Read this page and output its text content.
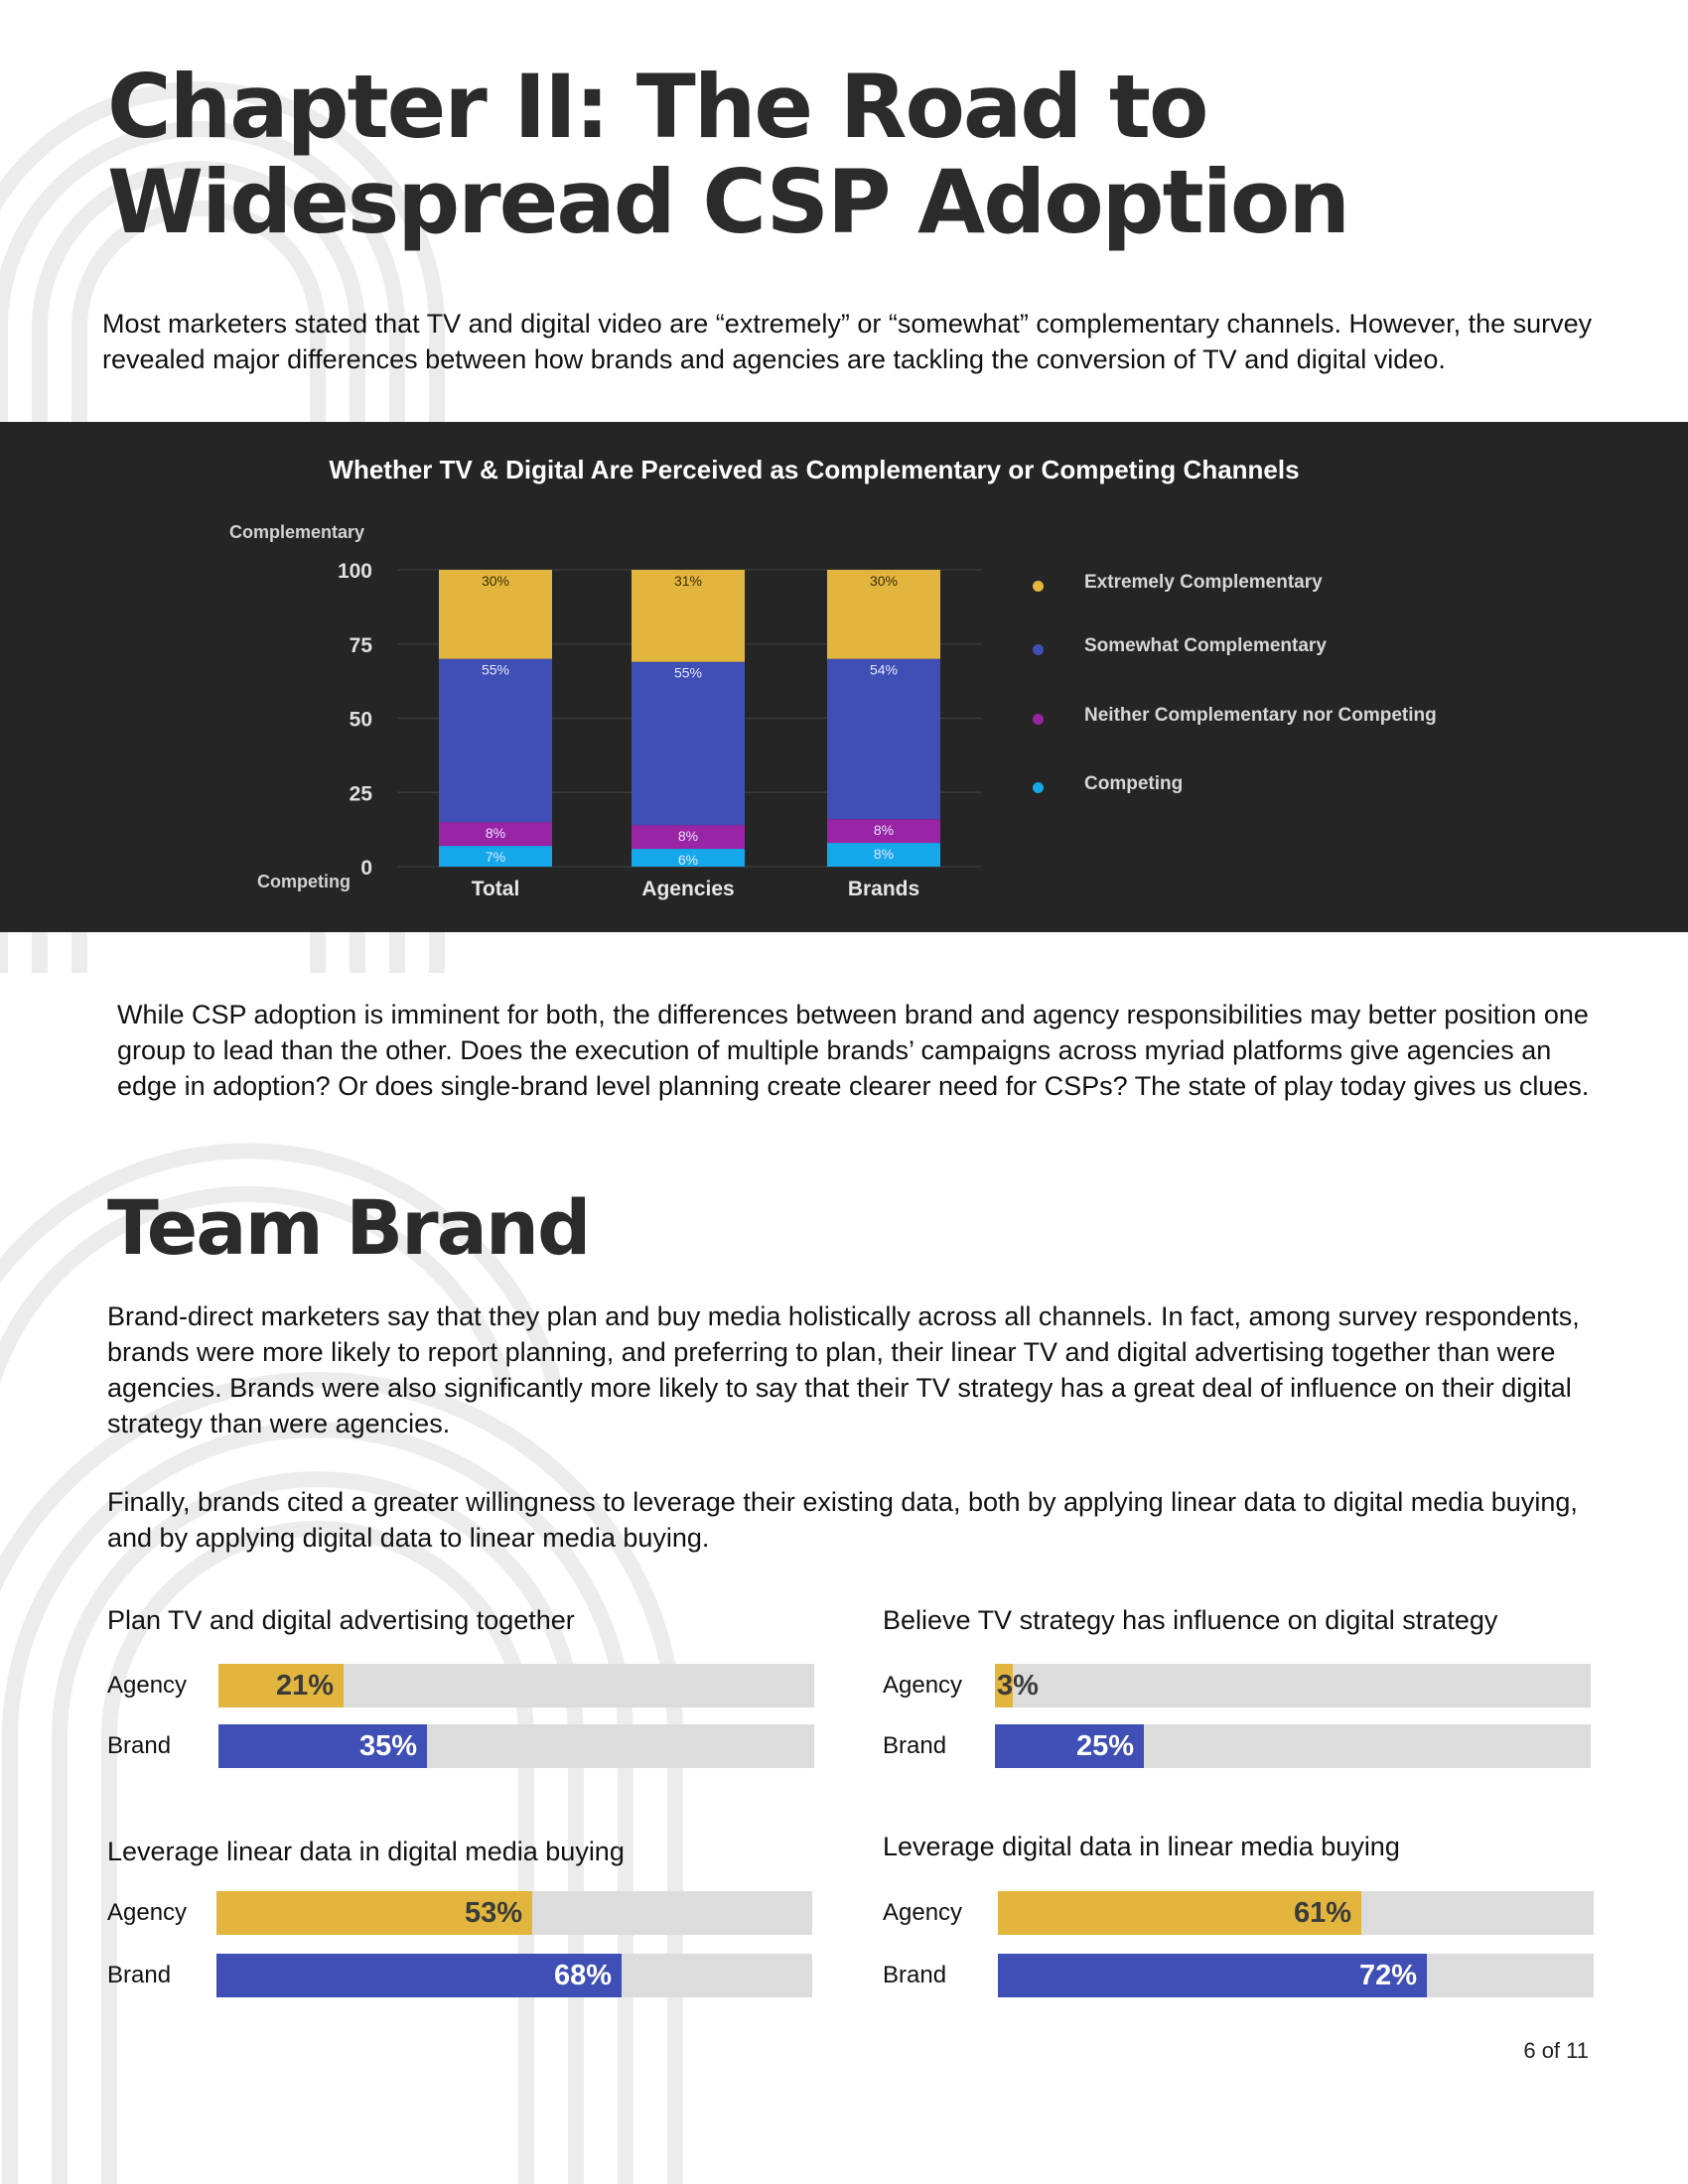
Chapter II: The Road to Widespread CSP Adoption

Most marketers stated that TV and digital video are “extremely” or “somewhat” complementary channels. However, the survey revealed major differences between how brands and agencies are tackling the conversion of TV and digital video.

Whether TV & Digital Are Perceived as Complementary or Competing Channels
Complementary
Competing
0
25
50
75
100
7%
8%
55%
30%
Total
6%
8%
55%
31%
Agencies
8%
8%
54%
30%
Brands
Extremely Complementary
Somewhat Complementary
Neither Complementary nor Competing
Competing

While CSP adoption is imminent for both, the differences between brand and agency responsibilities may better position one group to lead than the other. Does the execution of multiple brands’ campaigns across myriad platforms give agencies an edge in adoption? Or does single-brand level planning create clearer need for CSPs? The state of play today gives us clues.

Team Brand

Brand-direct marketers say that they plan and buy media holistically across all channels. In fact, among survey respondents, brands were more likely to report planning, and preferring to plan, their linear TV and digital advertising together than were agencies. Brands were also significantly more likely to say that their TV strategy has a great deal of influence on their digital strategy than were agencies.

Finally, brands cited a greater willingness to leverage their existing data, both by applying linear data to digital media buying, and by applying digital data to linear media buying.

Plan TV and digital advertising together
Agency	21%
Brand	35%
Believe TV strategy has influence on digital strategy
Agency 3%
Brand	25%
Leverage linear data in digital media buying
Agency	53%
Brand	68%
Leverage digital data in linear media buying
Agency	61%
Brand	72%
6 of 11
